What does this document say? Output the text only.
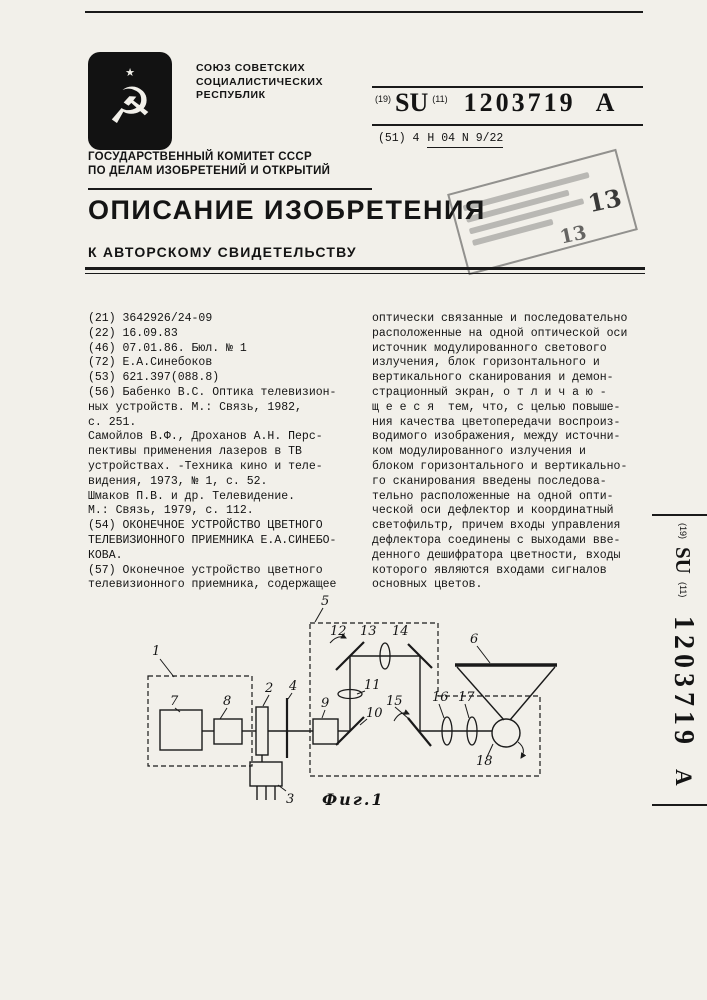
★
☭
СОЮЗ СОВЕТСКИХ
СОЦИАЛИСТИЧЕСКИХ
РЕСПУБЛИК	(19) SU (11) 1203719 A
(51) 4 H 04 N 9/22
ГОСУДАРСТВЕННЫЙ КОМИТЕТ СССР
ПО ДЕЛАМ ИЗОБРЕТЕНИЙ И ОТКРЫТИЙ
ОПИСАНИЕ ИЗОБРЕТЕНИЯ
К АВТОРСКОМУ СВИДЕТЕЛЬСТВУ
13
13
(21) 3642926/24-09
(22) 16.09.83
(46) 07.01.86. Бюл. № 1
(72) Е.А.Синебоков
(53) 621.397(088.8)
(56) Бабенко В.С. Оптика телевизион-
ных устройств. М.: Связь, 1982,
с. 251.
Самойлов В.Ф., Дроханов А.Н. Перс-
пективы применения лазеров в ТВ
устройствах. -Техника кино и теле-
видения, 1973, № 1, с. 52.
Шмаков П.В. и др. Телевидение.
М.: Связь, 1979, с. 112.
(54) ОКОНЕЧНОЕ УСТРОЙСТВО ЦВЕТНОГО
ТЕЛЕВИЗИОННОГО ПРИЕМНИКА Е.А.СИНЕБО-
КОВА.
(57) Оконечное устройство цветного
телевизионного приемника, содержащее
оптически связанные и последовательно
расположенные на одной оптической оси
источник модулированного светового
излучения, блок горизонтального и
вертикального сканирования и демон-
страционный экран, о т л и ч а ю -
щ е е с я  тем, что, с целью повыше-
ния качества цветопередачи воспроиз-
водимого изображения, между источни-
ком модулированного излучения и
блоком горизонтального и вертикально-
го сканирования введены последова-
тельно расположенные на одной опти-
ческой оси дефлектор и координатный
светофильтр, причем входы управления
дефлектора соединены с выходами вве-
денного дешифратора цветности, входы
которого являются входами сигналов
основных цветов.
(19) SU (11) 1203719 A
1
7	8
2 4
9
3
5
12 13 14
6
11
10
15 16 17
18
Фиг.1
